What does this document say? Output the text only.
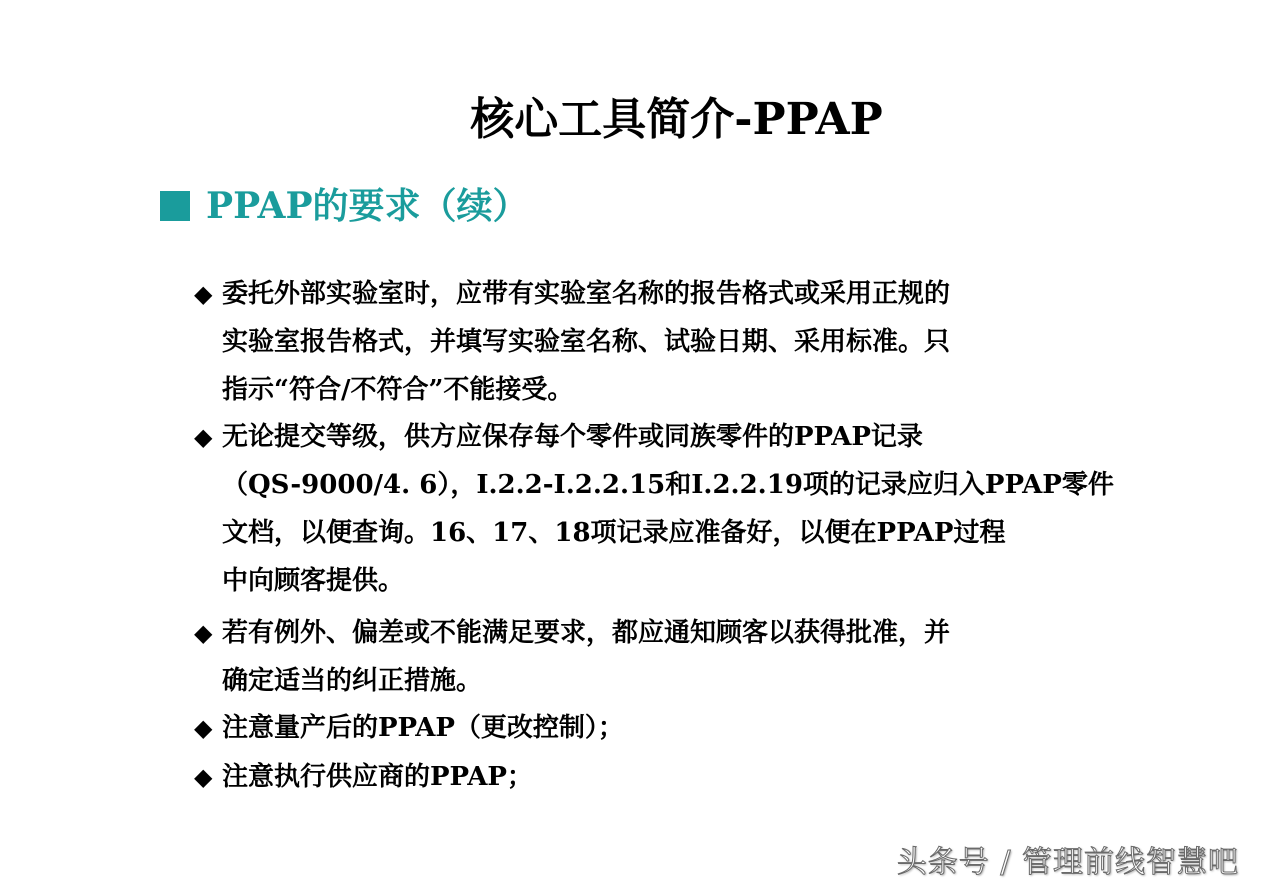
核心工具简介-PPAP
PPAP的要求（续）
◆ 委托外部实验室时，应带有实验室名称的报告格式或采用正规的
实验室报告格式，并填写实验室名称、试验日期、采用标准。只
指示“符合/不符合”不能接受。
◆ 无论提交等级，供方应保存每个零件或同族零件的PPAP记录
（QS-9000/4. 6），I.2.2-I.2.2.15和I.2.2.19项的记录应归入PPAP零件
文档，以便查询。16、17、18项记录应准备好，以便在PPAP过程
中向顾客提供。
◆ 若有例外、偏差或不能满足要求，都应通知顾客以获得批准，并
确定适当的纠正措施。
◆ 注意量产后的PPAP（更改控制）；
◆ 注意执行供应商的PPAP；
头条号 / 管理前线智慧吧
